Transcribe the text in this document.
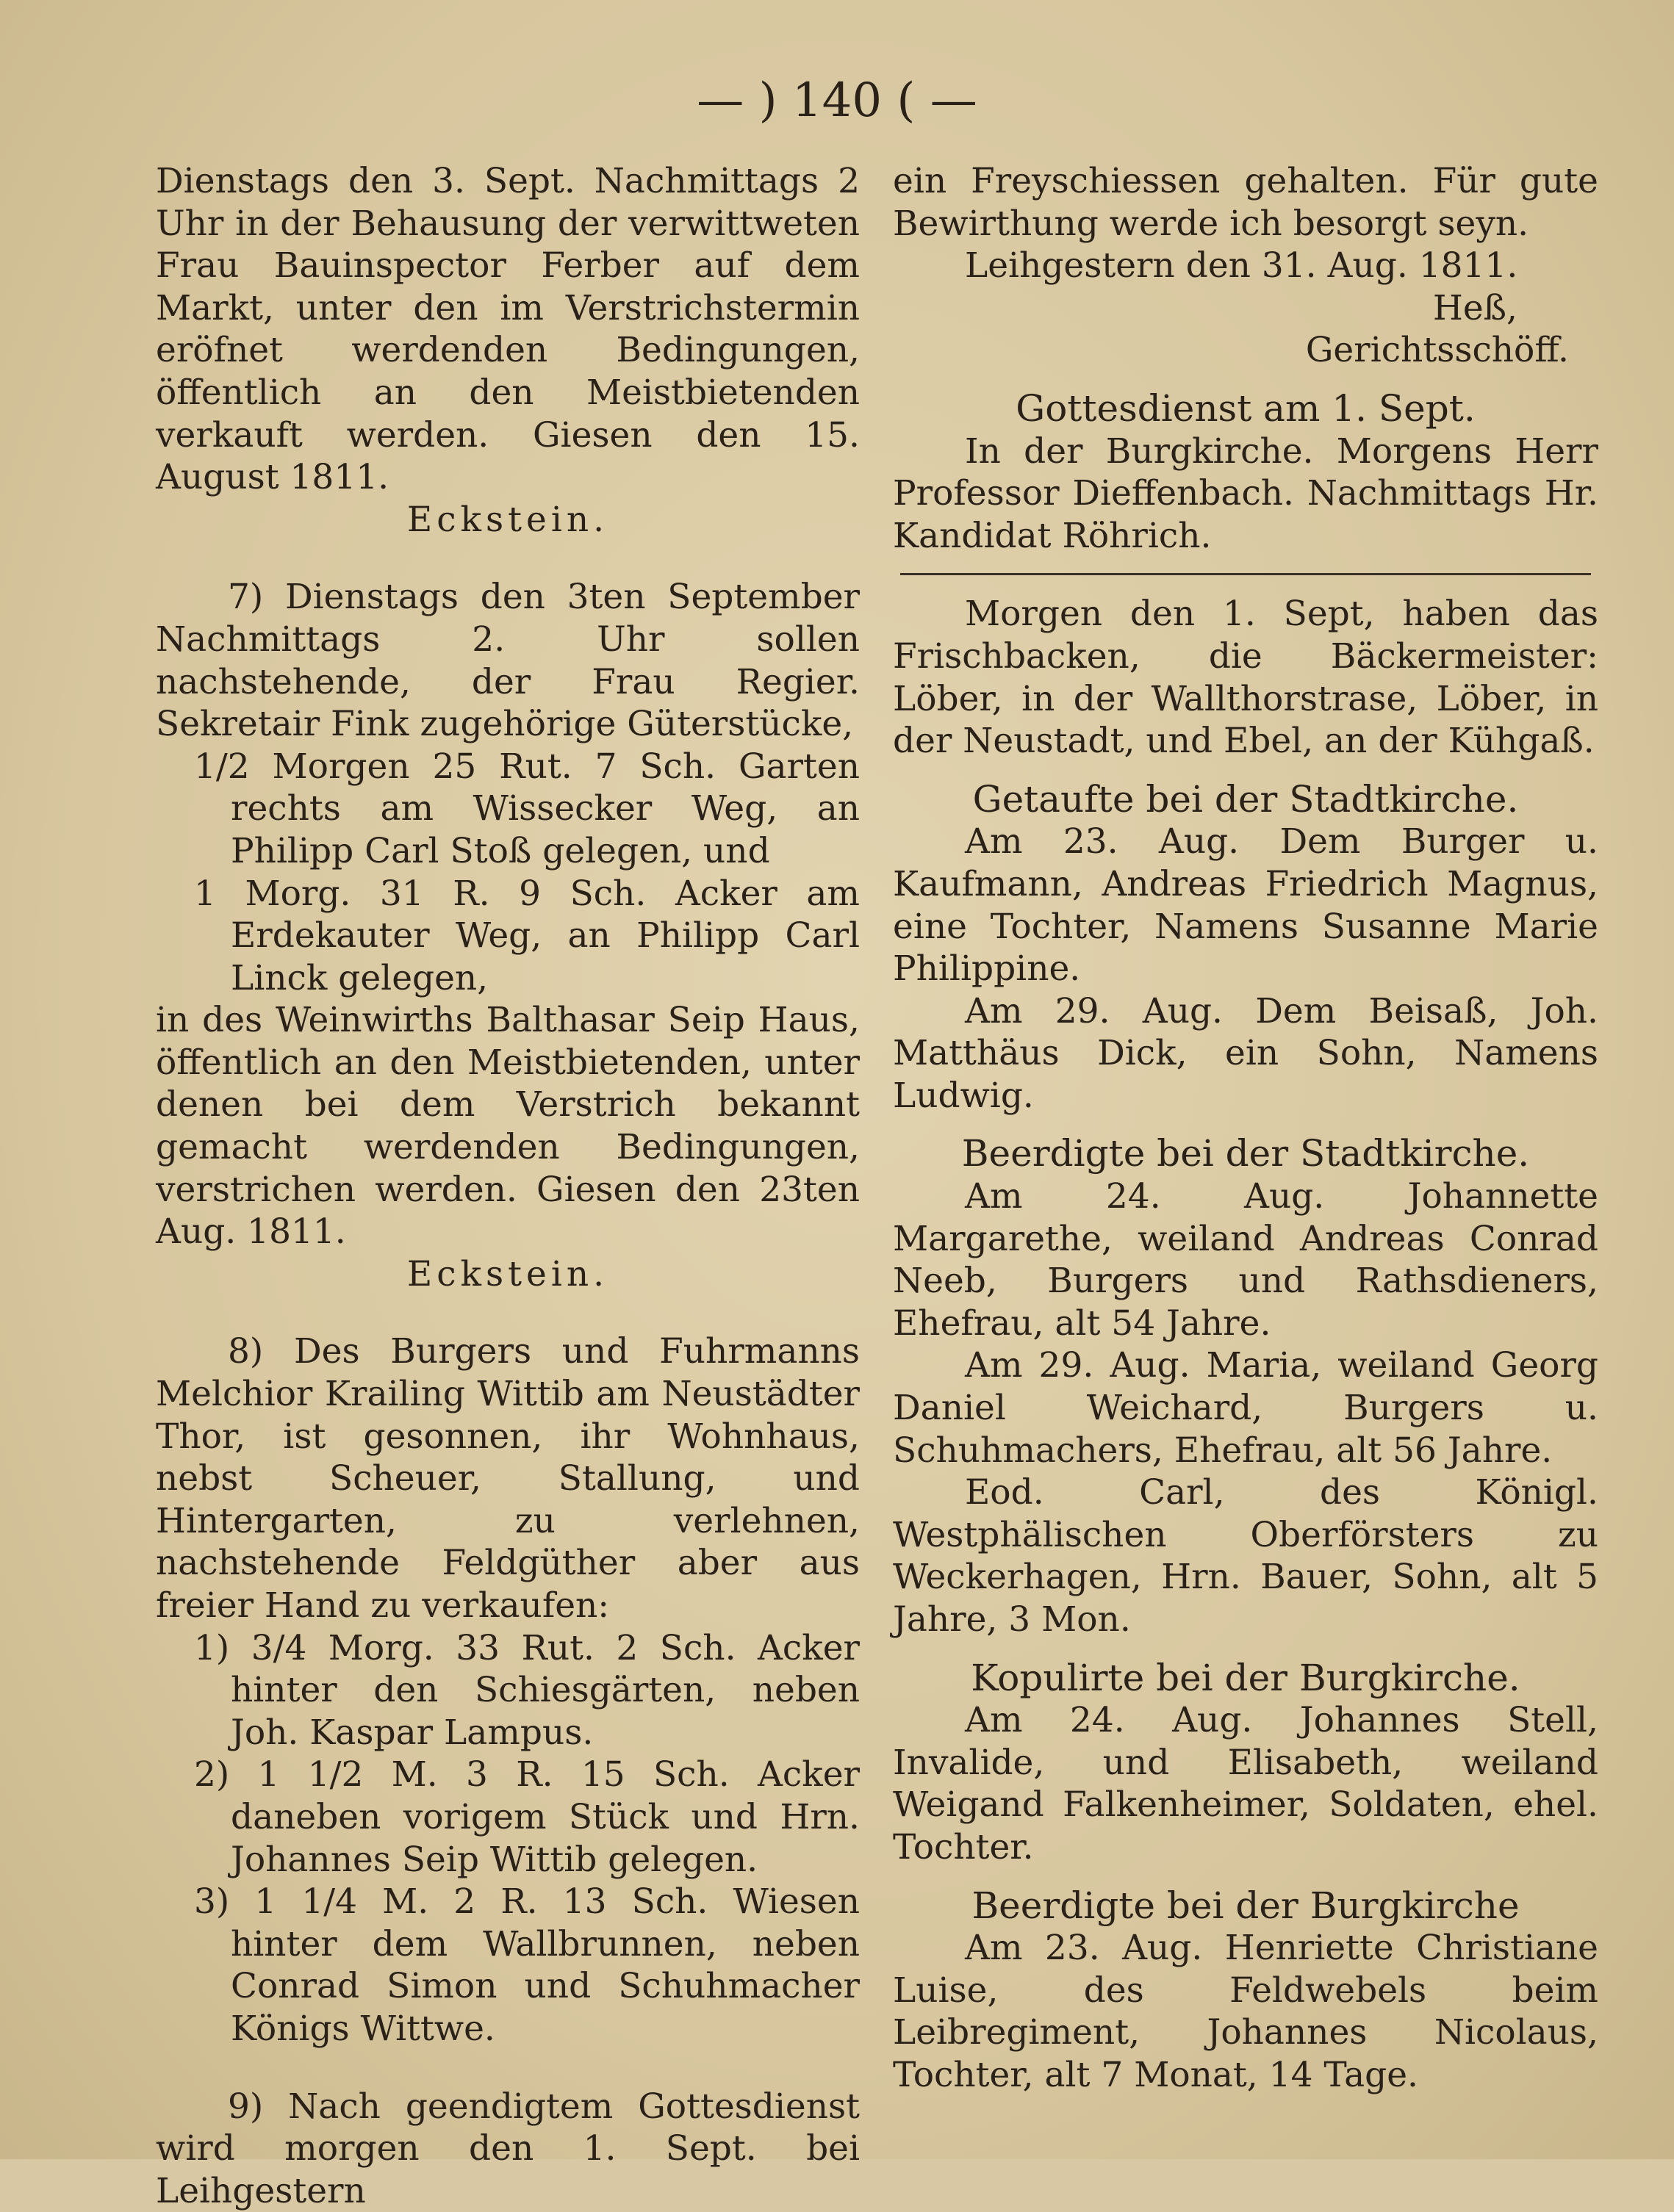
— ) 140 ( —

Dienstags den 3. Sept. Nachmittags 2 Uhr in der Behausung der verwittweten Frau Bauinspector Ferber auf dem Markt, unter den im Verstrichstermin eröfnet werdenden Bedingungen, öffentlich an den Meistbietenden verkauft werden. Giesen den 15. August 1811.

Eckstein.

7) Dienstags den 3ten September Nachmittags 2. Uhr sollen nachstehende, der Frau Regier. Sekretair Fink zugehörige Güterstücke,

1/2 Morgen 25 Rut. 7 Sch. Garten rechts am Wissecker Weg, an Philipp Carl Stoß gelegen, und

1 Morg. 31 R. 9 Sch. Acker am Erdekauter Weg, an Philipp Carl Linck gelegen,

in des Weinwirths Balthasar Seip Haus, öffentlich an den Meistbietenden, unter denen bei dem Verstrich bekannt gemacht werdenden Bedingungen, verstrichen werden. Giesen den 23ten Aug. 1811.

Eckstein.

8) Des Burgers und Fuhrmanns Melchior Krailing Wittib am Neustädter Thor, ist gesonnen, ihr Wohnhaus, nebst Scheuer, Stallung, und Hintergarten, zu verlehnen, nachstehende Feldgüther aber aus freier Hand zu verkaufen:

1) 3/4 Morg. 33 Rut. 2 Sch. Acker hinter den Schiesgärten, neben Joh. Kaspar Lampus.

2) 1 1/2 M. 3 R. 15 Sch. Acker daneben vorigem Stück und Hrn. Johannes Seip Wittib gelegen.

3) 1 1/4 M. 2 R. 13 Sch. Wiesen hinter dem Wallbrunnen, neben Conrad Simon und Schuhmacher Königs Wittwe.

9) Nach geendigtem Gottesdienst wird morgen den 1. Sept. bei Leihgestern

ein Freyschiessen gehalten. Für gute Bewirthung werde ich besorgt seyn.

Leihgestern den 31. Aug. 1811.

Heß,

Gerichtsschöff.

Gottesdienst am 1. Sept.

In der Burgkirche. Morgens Herr Professor Dieffenbach. Nachmittags Hr. Kandidat Röhrich.

Morgen den 1. Sept, haben das Frischbacken, die Bäckermeister: Löber, in der Wallthorstrase, Löber, in der Neustadt, und Ebel, an der Kühgaß.

Getaufte bei der Stadtkirche.

Am 23. Aug. Dem Burger u. Kaufmann, Andreas Friedrich Magnus, eine Tochter, Namens Susanne Marie Philippine.

Am 29. Aug. Dem Beisaß, Joh. Matthäus Dick, ein Sohn, Namens Ludwig.

Beerdigte bei der Stadtkirche.

Am 24. Aug. Johannette Margarethe, weiland Andreas Conrad Neeb, Burgers und Rathsdieners, Ehefrau, alt 54 Jahre.

Am 29. Aug. Maria, weiland Georg Daniel Weichard, Burgers u. Schuhmachers, Ehefrau, alt 56 Jahre.

Eod. Carl, des Königl. Westphälischen Oberförsters zu Weckerhagen, Hrn. Bauer, Sohn, alt 5 Jahre, 3 Mon.

Kopulirte bei der Burgkirche.

Am 24. Aug. Johannes Stell, Invalide, und Elisabeth, weiland Weigand Falkenheimer, Soldaten, ehel. Tochter.

Beerdigte bei der Burgkirche

Am 23. Aug. Henriette Christiane Luise, des Feldwebels beim Leibregiment, Johannes Nicolaus, Tochter, alt 7 Monat, 14 Tage.
